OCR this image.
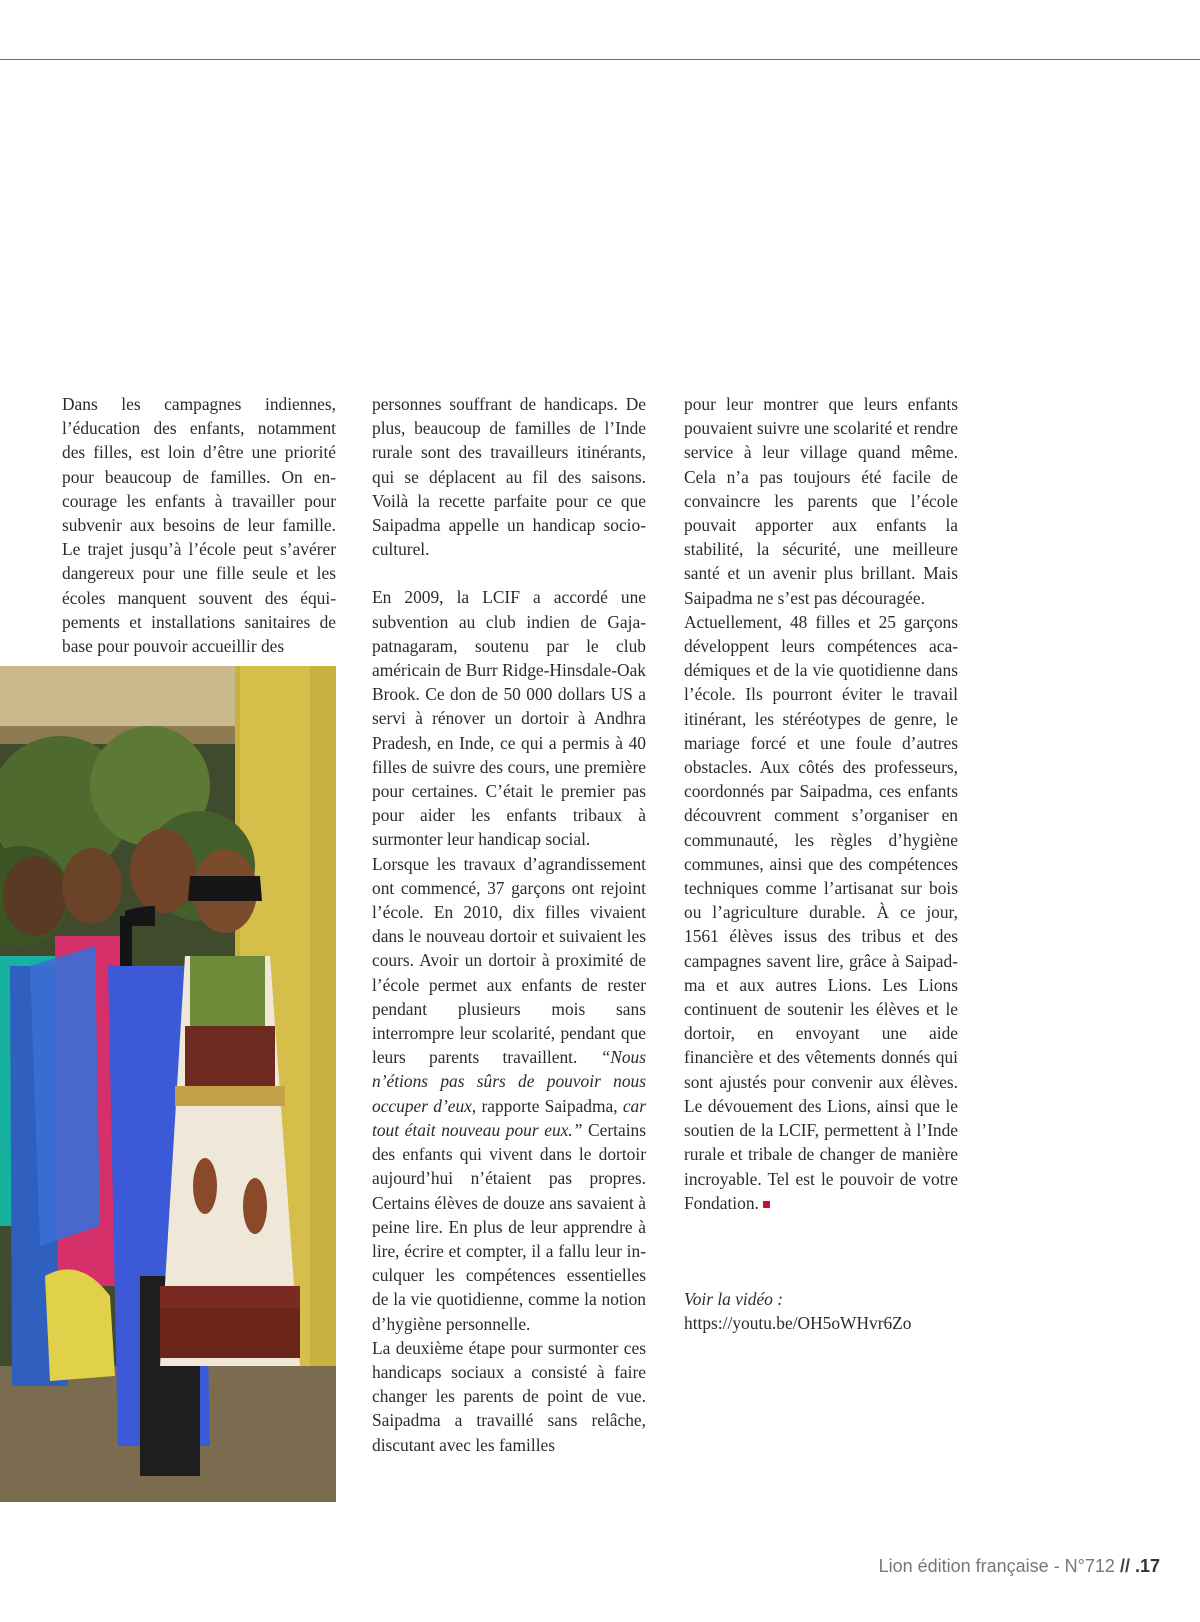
Dans les campagnes indiennes, l’éducation des enfants, notamment des filles, est loin d’être une priorité pour beaucoup de familles. On encourage les enfants à travailler pour subvenir aux besoins de leur famille. Le trajet jusqu’à l’école peut s’avérer dangereux pour une fille seule et les écoles manquent souvent des équipements et installations sanitaires de base pour pouvoir accueillir des

personnes souffrant de handicaps. De plus, beaucoup de familles de l’Inde rurale sont des travailleurs itinérants, qui se déplacent au fil des saisons. Voilà la recette parfaite pour ce que Saipadma appelle un handicap socio-culturel.

En 2009, la LCIF a accordé une subvention au club indien de Gajapatnagaram, soutenu par le club américain de Burr Ridge-Hinsdale-Oak Brook. Ce don de 50 000 dollars US a servi à rénover un dortoir à Andhra Pradesh, en Inde, ce qui a permis à 40 filles de suivre des cours, une première pour certaines. C’était le premier pas pour aider les enfants tribaux à surmonter leur handicap social.

Lorsque les travaux d’agrandissement ont commencé, 37 garçons ont rejoint l’école. En 2010, dix filles vivaient dans le nouveau dortoir et suivaient les cours. Avoir un dortoir à proximité de l’école permet aux enfants de rester pendant plusieurs mois sans interrompre leur scolarité, pendant que leurs parents travaillent. “Nous n’étions pas sûrs de pouvoir nous occuper d’eux, rapporte Saipadma, car tout était nouveau pour eux.” Certains des enfants qui vivent dans le dortoir aujourd’hui n’étaient pas propres. Certains élèves de douze ans savaient à peine lire. En plus de leur apprendre à lire, écrire et compter, il a fallu leur inculquer les compétences essentielles de la vie quotidienne, comme la notion d’hygiène personnelle.

La deuxième étape pour surmonter ces handicaps sociaux a consisté à faire changer les parents de point de vue. Saipadma a travaillé sans relâche, discutant avec les familles

pour leur montrer que leurs enfants pouvaient suivre une scolarité et rendre service à leur village quand même. Cela n’a pas toujours été facile de convaincre les parents que l’école pouvait apporter aux enfants la stabilité, la sécurité, une meilleure santé et un avenir plus brillant. Mais Saipadma ne s’est pas découragée.

Actuellement, 48 filles et 25 garçons développent leurs compétences académiques et de la vie quotidienne dans l’école. Ils pourront éviter le travail itinérant, les stéréotypes de genre, le mariage forcé et une foule d’autres obstacles. Aux côtés des professeurs, coordonnés par Saipadma, ces enfants découvrent comment s’organiser en communauté, les règles d’hygiène communes, ainsi que des compétences techniques comme l’artisanat sur bois ou l’agriculture durable. À ce jour, 1561 élèves issus des tribus et des campagnes savent lire, grâce à Saipadma et aux autres Lions. Les Lions continuent de soutenir les élèves et le dortoir, en envoyant une aide financière et des vêtements donnés qui sont ajustés pour convenir aux élèves. Le dévouement des Lions, ainsi que le soutien de la LCIF, permettent à l’Inde rurale et tribale de changer de manière incroyable. Tel est le pouvoir de votre Fondation.

Voir la vidéo :
https://youtu.be/OH5oWHvr6Zo
Lion édition française - N°712 // .17
